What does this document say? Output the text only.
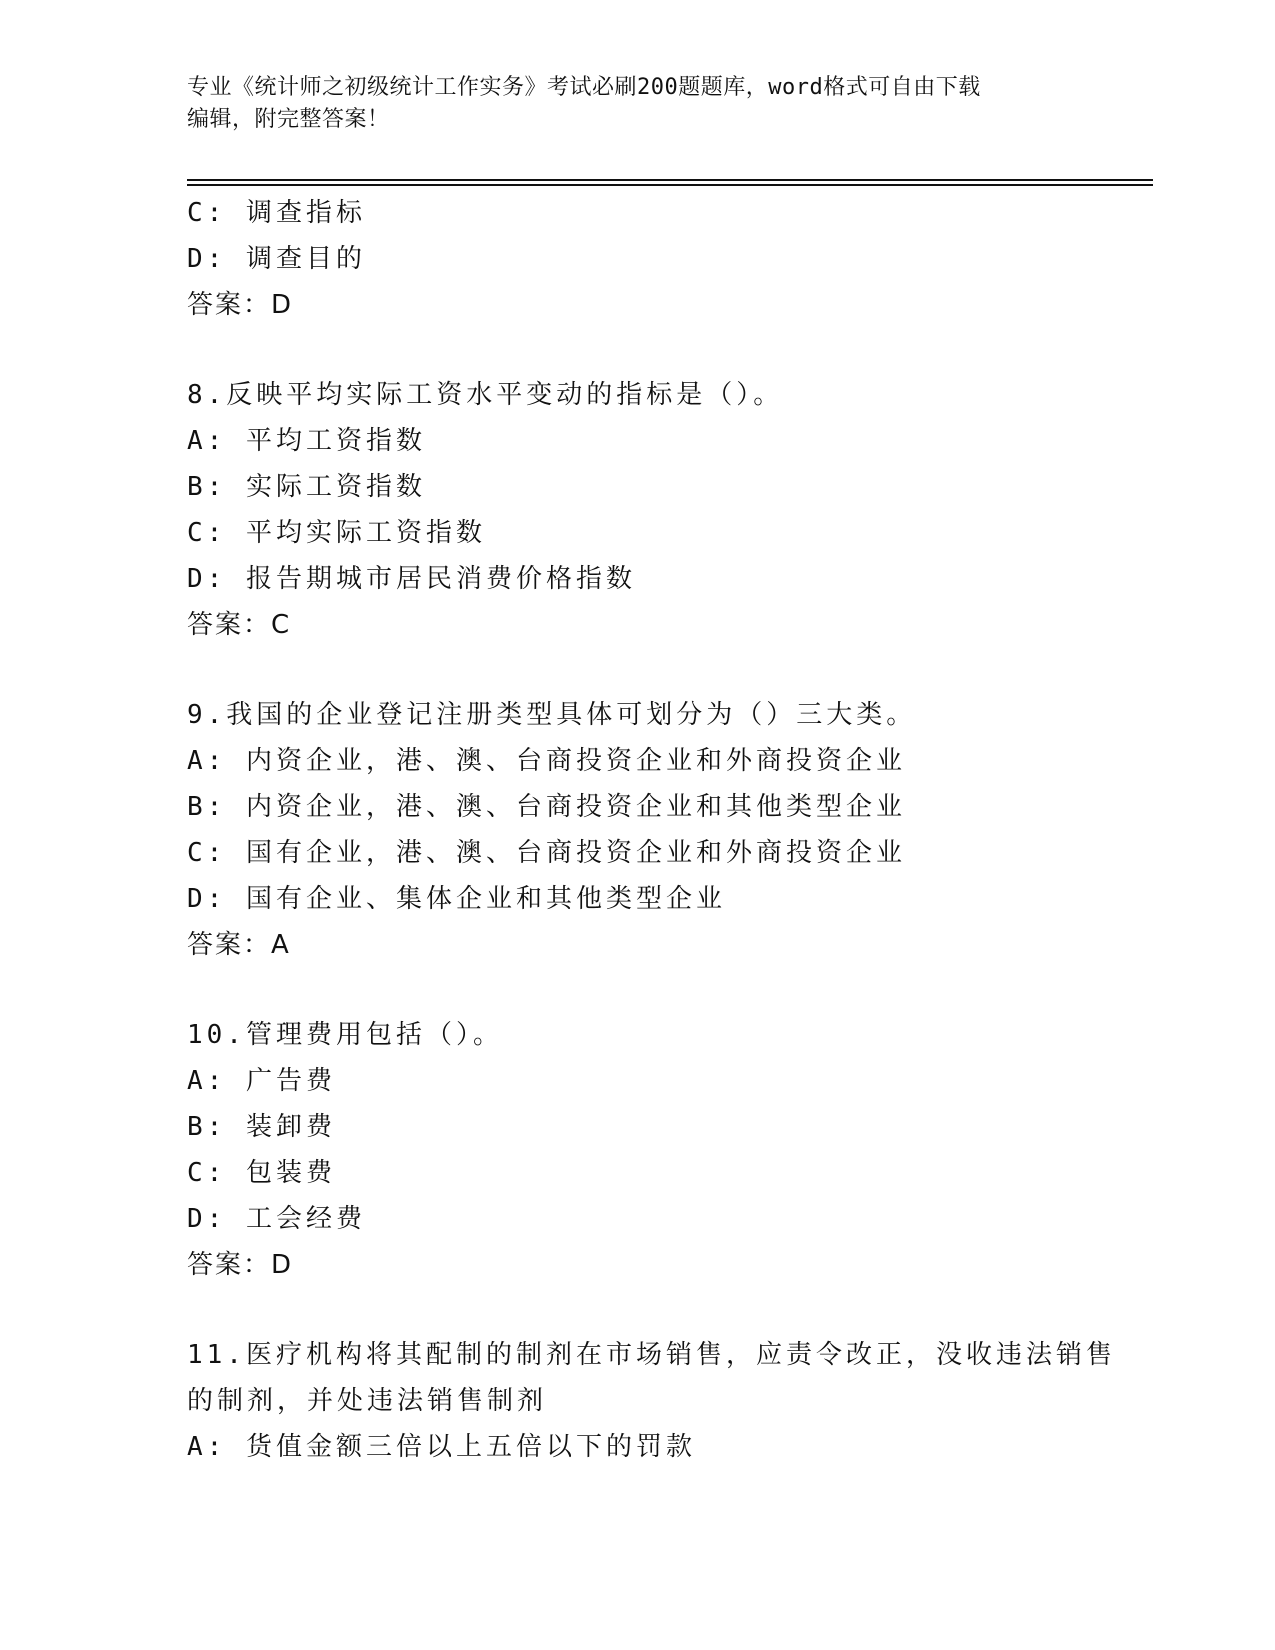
专业《统计师之初级统计工作实务》考试必刷200题题库，word格式可自由下载
编辑，附完整答案！
C: 调查指标
D: 调查目的
答案：D
8.反映平均实际工资水平变动的指标是（）。
A: 平均工资指数
B: 实际工资指数
C: 平均实际工资指数
D: 报告期城市居民消费价格指数
答案：C
9.我国的企业登记注册类型具体可划分为（）三大类。
A: 内资企业，港、澳、台商投资企业和外商投资企业
B: 内资企业，港、澳、台商投资企业和其他类型企业
C: 国有企业，港、澳、台商投资企业和外商投资企业
D: 国有企业、集体企业和其他类型企业
答案：A
10.管理费用包括（）。
A: 广告费
B: 装卸费
C: 包装费
D: 工会经费
答案：D
11.医疗机构将其配制的制剂在市场销售，应责令改正，没收违法销售
的制剂，并处违法销售制剂
A: 货值金额三倍以上五倍以下的罚款
